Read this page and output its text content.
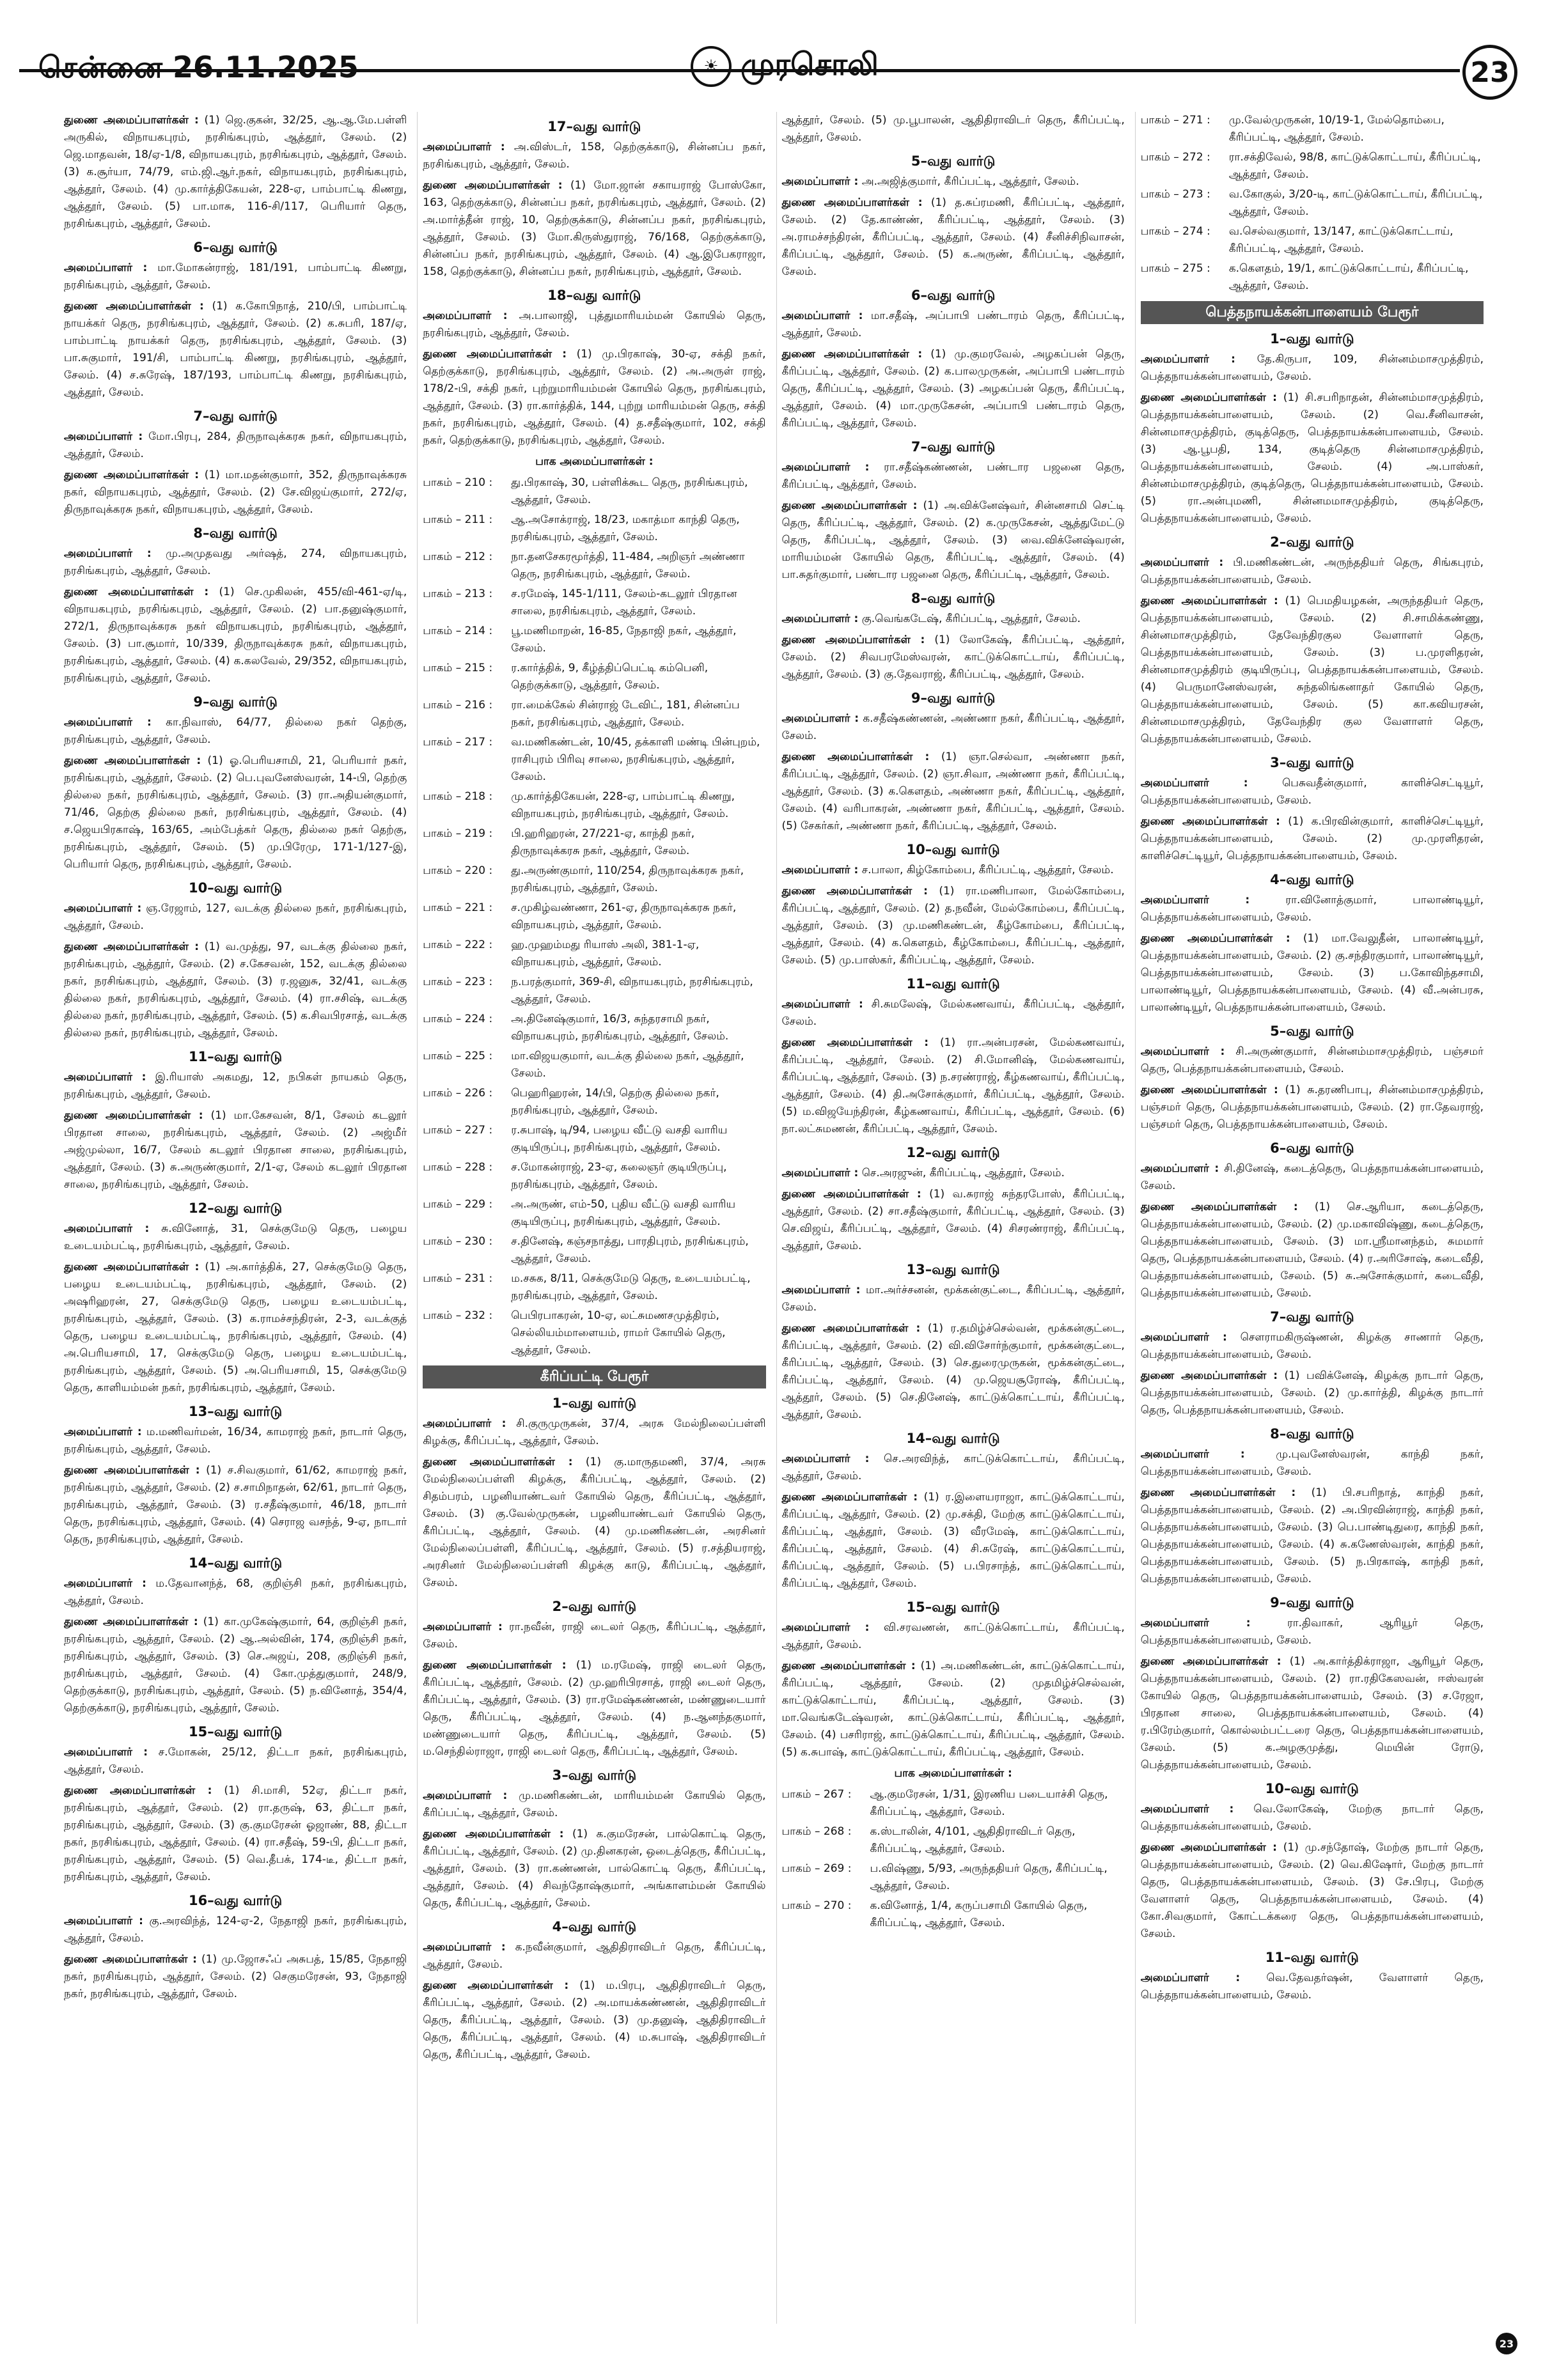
சென்னை 26.11.2025	☀ முரசொலி	23

துணை அமைப்பாளர்கள் : (1) ஜெ.குகன், 32/25, ஆ.ஆ.மே.பள்ளி அருகில், விநாயகபுரம், நரசிங்கபுரம், ஆத்தூர், சேலம். (2) ஜெ.மாதவன், 18/ஏ-1/8, விநாயகபுரம், நரசிங்கபுரம், ஆத்தூர், சேலம். (3) க.சூர்யா, 74/79, எம்.ஜி.ஆர்.நகர், விநாயகபுரம், நரசிங்கபுரம், ஆத்தூர், சேலம். (4) மு.கார்த்திகேயன், 228-ஏ, பாம்பாட்டி கிணறு, ஆத்தூர், சேலம். (5) பா.மாசு, 116-சி/117, பெரியார் தெரு, நரசிங்கபுரம், ஆத்தூர், சேலம்.

6–வது வார்டு

அமைப்பாளர் : மா.மோகன்ராஜ், 181/191, பாம்பாட்டி கிணறு, நரசிங்கபுரம், ஆத்தூர், சேலம்.

துணை அமைப்பாளர்கள் : (1) க.கோபிநாத், 210/பி, பாம்பாட்டி நாயக்கர் தெரு, நரசிங்கபுரம், ஆத்தூர், சேலம். (2) க.சுபரி, 187/ஏ, பாம்பாட்டி நாயக்கர் தெரு, நரசிங்கபுரம், ஆத்தூர், சேலம். (3) பா.சுகுமார், 191/சி, பாம்பாட்டி கிணறு, நரசிங்கபுரம், ஆத்தூர், சேலம். (4) ச.சுரேஷ், 187/193, பாம்பாட்டி கிணறு, நரசிங்கபுரம், ஆத்தூர், சேலம்.

7–வது வார்டு

அமைப்பாளர் : மோ.பிரபு, 284, திருநாவுக்கரசு நகர், விநாயகபுரம், ஆத்தூர், சேலம்.

துணை அமைப்பாளர்கள் : (1) மா.மதன்குமார், 352, திருநாவுக்கரசு நகர், விநாயகபுரம், ஆத்தூர், சேலம். (2) சே.விஜய்குமார், 272/ஏ, திருநாவுக்கரசு நகர், விநாயகபுரம், ஆத்தூர், சேலம்.

8–வது வார்டு

அமைப்பாளர் : மு.அமுதவது அர்ஷத், 274, விநாயகபுரம், நரசிங்கபுரம், ஆத்தூர், சேலம்.

துணை அமைப்பாளர்கள் : (1) செ.முகிலன், 455/வி-461-ஏ/டி, விநாயகபுரம், நரசிங்கபுரம், ஆத்தூர், சேலம். (2) பா.தனுஷ்குமார், 272/1, திருநாவுக்கரசு நகர் விநாயகபுரம், நரசிங்கபுரம், ஆத்தூர், சேலம். (3) பா.சூமார், 10/339, திருநாவுக்கரசு நகர், விநாயகபுரம், நரசிங்கபுரம், ஆத்தூர், சேலம். (4) க.கலவேல், 29/352, விநாயகபுரம், நரசிங்கபுரம், ஆத்தூர், சேலம்.

9–வது வார்டு

அமைப்பாளர் : கா.நிவாஸ், 64/77, தில்லை நகர் தெற்கு, நரசிங்கபுரம், ஆத்தூர், சேலம்.

துணை அமைப்பாளர்கள் : (1) ஓ.பெரியசாமி, 21, பெரியார் நகர், நரசிங்கபுரம், ஆத்தூர், சேலம். (2) பெ.புவனேஸ்வரன், 14-பி, தெற்கு தில்லை நகர், நரசிங்கபுரம், ஆத்தூர், சேலம். (3) ரா.அதியன்குமார், 71/46, தெற்கு தில்லை நகர், நரசிங்கபுரம், ஆத்தூர், சேலம். (4) ச.ஜெயபிரகாஷ், 163/65, அம்பேத்கர் தெரு, தில்லை நகர் தெற்கு, நரசிங்கபுரம், ஆத்தூர், சேலம். (5) மு.பிரேமு, 171-1/127-இ, பெரியார் தெரு, நரசிங்கபுரம், ஆத்தூர், சேலம்.

10–வது வார்டு

அமைப்பாளர் : ஞ.ரேஜாம், 127, வடக்கு தில்லை நகர், நரசிங்கபுரம், ஆத்தூர், சேலம்.

துணை அமைப்பாளர்கள் : (1) வ.முத்து, 97, வடக்கு தில்லை நகர், நரசிங்கபுரம், ஆத்தூர், சேலம். (2) ச.கேசவன், 152, வடக்கு தில்லை நகர், நரசிங்கபுரம், ஆத்தூர், சேலம். (3) ர.ஜனுசு, 32/41, வடக்கு தில்லை நகர், நரசிங்கபுரம், ஆத்தூர், சேலம். (4) ரா.சசிஷ், வடக்கு தில்லை நகர், நரசிங்கபுரம், ஆத்தூர், சேலம். (5) க.சிவபிரசாத், வடக்கு தில்லை நகர், நரசிங்கபுரம், ஆத்தூர், சேலம்.

11–வது வார்டு

அமைப்பாளர் : இ.ரியாஸ் அகமது, 12, நபிகள் நாயகம் தெரு, நரசிங்கபுரம், ஆத்தூர், சேலம்.

துணை அமைப்பாளர்கள் : (1) மா.கேசவன், 8/1, சேலம் கடலூர் பிரதான சாலை, நரசிங்கபுரம், ஆத்தூர், சேலம். (2) அஜ்மீர் அஜ்முல்லா, 16/7, சேலம் கடலூர் பிரதான சாலை, நரசிங்கபுரம், ஆத்தூர், சேலம். (3) சு.அருண்குமார், 2/1-ஏ, சேலம் கடலூர் பிரதான சாலை, நரசிங்கபுரம், ஆத்தூர், சேலம்.

12–வது வார்டு

அமைப்பாளர் : சு.வினோத், 31, செக்குமேடு தெரு, பழைய உடையம்பட்டி, நரசிங்கபுரம், ஆத்தூர், சேலம்.

துணை அமைப்பாளர்கள் : (1) அ.கார்த்திக், 27, செக்குமேடு தெரு, பழைய உடையம்பட்டி, நரசிங்கபுரம், ஆத்தூர், சேலம். (2) அஷரிஹரன், 27, செக்குமேடு தெரு, பழைய உடையம்பட்டி, நரசிங்கபுரம், ஆத்தூர், சேலம். (3) க.ராமச்சந்திரன், 2-3, வடக்குத் தெரு, பழைய உடையம்பட்டி, நரசிங்கபுரம், ஆத்தூர், சேலம். (4) அ.பெரியசாமி, 17, செக்குமேடு தெரு, பழைய உடையம்பட்டி, நரசிங்கபுரம், ஆத்தூர், சேலம். (5) அ.பெரியசாமி, 15, செக்குமேடு தெரு, காளியம்மன் நகர், நரசிங்கபுரம், ஆத்தூர், சேலம்.

13–வது வார்டு

அமைப்பாளர் : ம.மணிவர்மன், 16/34, காமராஜ் நகர், நாடார் தெரு, நரசிங்கபுரம், ஆத்தூர், சேலம்.

துணை அமைப்பாளர்கள் : (1) ச.சிவகுமார், 61/62, காமராஜ் நகர், நரசிங்கபுரம், ஆத்தூர், சேலம். (2) ச.சாமிநாதன், 62/61, நாடார் தெரு, நரசிங்கபுரம், ஆத்தூர், சேலம். (3) ர.சதீஷ்குமார், 46/18, நாடார் தெரு, நரசிங்கபுரம், ஆத்தூர், சேலம். (4) செராஜ வசந்த், 9-ஏ, நாடார் தெரு, நரசிங்கபுரம், ஆத்தூர், சேலம்.

14–வது வார்டு

அமைப்பாளர் : ம.தேவானந்த், 68, குறிஞ்சி நகர், நரசிங்கபுரம், ஆத்தூர், சேலம்.

துணை அமைப்பாளர்கள் : (1) கா.முகேஷ்குமார், 64, குறிஞ்சி நகர், நரசிங்கபுரம், ஆத்தூர், சேலம். (2) ஆ.அல்வின், 174, குறிஞ்சி நகர், நரசிங்கபுரம், ஆத்தூர், சேலம். (3) செ.அஜய், 208, குறிஞ்சி நகர், நரசிங்கபுரம், ஆத்தூர், சேலம். (4) கோ.முத்துகுமார், 248/9, தெற்குக்காடு, நரசிங்கபுரம், ஆத்தூர், சேலம். (5) ந.வினோத், 354/4, தெற்குக்காடு, நரசிங்கபுரம், ஆத்தூர், சேலம்.

15–வது வார்டு

அமைப்பாளர் : ச.மோகன், 25/12, திட்டா நகர், நரசிங்கபுரம், ஆத்தூர், சேலம்.

துணை அமைப்பாளர்கள் : (1) சி.மாசி, 52ஏ, திட்டா நகர், நரசிங்கபுரம், ஆத்தூர், சேலம். (2) ரா.தருஷ், 63, திட்டா நகர், நரசிங்கபுரம், ஆத்தூர், சேலம். (3) கு.குமரேசன் ஓஜாண், 88, திட்டா நகர், நரசிங்கபுரம், ஆத்தூர், சேலம். (4) ரா.சதீஷ், 59-பி, திட்டா நகர், நரசிங்கபுரம், ஆத்தூர், சேலம். (5) வெ.தீபக், 174-டீ, திட்டா நகர், நரசிங்கபுரம், ஆத்தூர், சேலம்.

16–வது வார்டு

அமைப்பாளர் : கு.அரவிந்த், 124-ஏ-2, நேதாஜி நகர், நரசிங்கபுரம், ஆத்தூர், சேலம்.

துணை அமைப்பாளர்கள் : (1) மு.ஜோசஃப் அசுபத், 15/85, நேதாஜி நகர், நரசிங்கபுரம், ஆத்தூர், சேலம். (2) செகுமரேசன், 93, நேதாஜி நகர், நரசிங்கபுரம், ஆத்தூர், சேலம்.

17–வது வார்டு

அமைப்பாளர் : அ.விஸ்டர், 158, தெற்குக்காடு, சின்னப்ப நகர், நரசிங்கபுரம், ஆத்தூர், சேலம்.

துணை அமைப்பாளர்கள் : (1) மோ.ஜான் சகாயராஜ் போஸ்கோ, 163, தெற்குக்காடு, சின்னப்ப நகர், நரசிங்கபுரம், ஆத்தூர், சேலம். (2) அ.மார்த்தீன் ராஜ், 10, தெற்குக்காடு, சின்னப்ப நகர், நரசிங்கபுரம், ஆத்தூர், சேலம். (3) மோ.கிருஸ்துராஜ், 76/168, தெற்குக்காடு, சின்னப்ப நகர், நரசிங்கபுரம், ஆத்தூர், சேலம். (4) ஆ.இபேகராஜா, 158, தெற்குக்காடு, சின்னப்ப நகர், நரசிங்கபுரம், ஆத்தூர், சேலம்.

18–வது வார்டு

அமைப்பாளர் : அ.பாலாஜி, புத்துமாரியம்மன் கோயில் தெரு, நரசிங்கபுரம், ஆத்தூர், சேலம்.

துணை அமைப்பாளர்கள் : (1) மு.பிரகாஷ், 30-ஏ, சக்தி நகர், தெற்குக்காடு, நரசிங்கபுரம், ஆத்தூர், சேலம். (2) அ.அருள் ராஜ், 178/2-பி, சக்தி நகர், புற்றுமாரியம்மன் கோயில் தெரு, நரசிங்கபுரம், ஆத்தூர், சேலம். (3) ரா.கார்த்திக், 144, புற்று மாரியம்மன் தெரு, சக்தி நகர், நரசிங்கபுரம், ஆத்தூர், சேலம். (4) த.சதீஷ்குமார், 102, சக்தி நகர், தெற்குக்காடு, நரசிங்கபுரம், ஆத்தூர், சேலம்.

பாக அமைப்பாளர்கள் :
பாகம் – 210 :	து.பிரகாஷ், 30, பள்ளிக்கூட தெரு, நரசிங்கபுரம், ஆத்தூர், சேலம்.
பாகம் – 211 :	ஆ.அசோக்ராஜ், 18/23, மகாத்மா காந்தி தெரு, நரசிங்கபுரம், ஆத்தூர், சேலம்.
பாகம் – 212 :	நா.தனசேகரமூர்த்தி, 11-484, அறிஞர் அண்ணா தெரு, நரசிங்கபுரம், ஆத்தூர், சேலம்.
பாகம் – 213 :	ச.ரமேஷ், 145-1/111, சேலம்-கடலூர் பிரதான சாலை, நரசிங்கபுரம், ஆத்தூர், சேலம்.
பாகம் – 214 :	பூ.மணிமாறன், 16-85, நேதாஜி நகர், ஆத்தூர், சேலம்.
பாகம் – 215 :	ர.கார்த்திக், 9, கீழ்த்திப்பெட்டி கம்பெனி, தெற்குக்காடு, ஆத்தூர், சேலம்.
பாகம் – 216 :	ரா.மைக்கேல் சின்ராஜ் டேவிட், 181, சின்னப்ப நகர், நரசிங்கபுரம், ஆத்தூர், சேலம்.
பாகம் – 217 :	வ.மணிகண்டன், 10/45, தக்காளி மண்டி பின்புறம், ராசிபுரம் பிரிவு சாலை, நரசிங்கபுரம், ஆத்தூர், சேலம்.
பாகம் – 218 :	மு.கார்த்திகேயன், 228-ஏ, பாம்பாட்டி கிணறு, விநாயகபுரம், நரசிங்கபுரம், ஆத்தூர், சேலம்.
பாகம் – 219 :	பி.ஹரிஹரன், 27/221-ஏ, காந்தி நகர், திருநாவுக்கரசு நகர், ஆத்தூர், சேலம்.
பாகம் – 220 :	து.அருண்குமார், 110/254, திருநாவுக்கரசு நகர், நரசிங்கபுரம், ஆத்தூர், சேலம்.
பாகம் – 221 :	ச.முகிழ்வண்ணா, 261-ஏ, திருநாவுக்கரசு நகர், விநாயகபுரம், ஆத்தூர், சேலம்.
பாகம் – 222 :	ஹ.முஹம்மது ரியாஸ் அலி, 381-1-ஏ, விநாயகபுரம், ஆத்தூர், சேலம்.
பாகம் – 223 :	ந.பரத்குமார், 369-சி, விநாயகபுரம், நரசிங்கபுரம், ஆத்தூர், சேலம்.
பாகம் – 224 :	அ.தினேஷ்குமார், 16/3, சுந்தரசாமி நகர், விநாயகபுரம், நரசிங்கபுரம், ஆத்தூர், சேலம்.
பாகம் – 225 :	மா.விஜயகுமார், வடக்கு தில்லை நகர், ஆத்தூர், சேலம்.
பாகம் – 226 :	பெஹரிஹரன், 14/பி, தெற்கு தில்லை நகர், நரசிங்கபுரம், ஆத்தூர், சேலம்.
பாகம் – 227 :	ர.சுபாஷ், டி/94, பழைய வீட்டு வசதி வாரிய குடியிருப்பு, நரசிங்கபுரம், ஆத்தூர், சேலம்.
பாகம் – 228 :	ச.மோகன்ராஜ், 23-ஏ, கலைஞர் குடியிருப்பு, நரசிங்கபுரம், ஆத்தூர், சேலம்.
பாகம் – 229 :	அ.அருண், எம்-50, புதிய வீட்டு வசதி வாரிய குடியிருப்பு, நரசிங்கபுரம், ஆத்தூர், சேலம்.
பாகம் – 230 :	ச.தினேஷ், கஞ்சநாத்து, பாரதிபுரம், நரசிங்கபுரம், ஆத்தூர், சேலம்.
பாகம் – 231 :	ம.சசுக, 8/11, செக்குமேடு தெரு, உடையம்பட்டி, நரசிங்கபுரம், ஆத்தூர், சேலம்.
பாகம் – 232 :	பெபிரபாகரன், 10-ஏ, லட்சுமணசமுத்திரம், செல்லியம்மாளையம், ராமர் கோயில் தெரு, ஆத்தூர், சேலம்.
கீரிப்பட்டி பேரூர்
1–வது வார்டு

அமைப்பாளர் : சி.குருமுருகன், 37/4, அரசு மேல்நிலைப்பள்ளி கிழக்கு, கீரிப்பட்டி, ஆத்தூர், சேலம்.

துணை அமைப்பாளர்கள் : (1) கு.மாருதமணி, 37/4, அரசு மேல்நிலைப்பள்ளி கிழக்கு, கீரிப்பட்டி, ஆத்தூர், சேலம். (2) சிதம்பரம், பழனியாண்டவர் கோயில் தெரு, கீரிப்பட்டி, ஆத்தூர், சேலம். (3) கு.வேல்முருகன், பழனியாண்டவர் கோயில் தெரு, கீரிப்பட்டி, ஆத்தூர், சேலம். (4) மு.மணிகண்டன், அரசினர் மேல்நிலைப்பள்ளி, கீரிப்பட்டி, ஆத்தூர், சேலம். (5) ர.சத்தியராஜ், அரசினர் மேல்நிலைப்பள்ளி கிழக்கு காடு, கீரிப்பட்டி, ஆத்தூர், சேலம்.

2–வது வார்டு

அமைப்பாளர் : ரா.நவீன், ராஜி டைலர் தெரு, கீரிப்பட்டி, ஆத்தூர், சேலம்.

துணை அமைப்பாளர்கள் : (1) ம.ரமேஷ், ராஜி டைலர் தெரு, கீரிப்பட்டி, ஆத்தூர், சேலம். (2) மு.ஹரிபிரசாத், ராஜி டைலர் தெரு, கீரிப்பட்டி, ஆத்தூர், சேலம். (3) ரா.ரமேஷ்கண்ணன், மண்ணுடையார் தெரு, கீரிப்பட்டி, ஆத்தூர், சேலம். (4) ந.ஆனந்தகுமார், மண்ணுடையார் தெரு, கீரிப்பட்டி, ஆத்தூர், சேலம். (5) ம.செந்தில்ராஜா, ராஜி டைலர் தெரு, கீரிப்பட்டி, ஆத்தூர், சேலம்.

3–வது வார்டு

அமைப்பாளர் : மு.மணிகண்டன், மாரியம்மன் கோயில் தெரு, கீரிப்பட்டி, ஆத்தூர், சேலம்.

துணை அமைப்பாளர்கள் : (1) க.குமரேசன், பால்கொட்டி தெரு, கீரிப்பட்டி, ஆத்தூர், சேலம். (2) மு.தினகரன், ஒடைத்தெரு, கீரிப்பட்டி, ஆத்தூர், சேலம். (3) ரா.கண்ணன், பால்கொட்டி தெரு, கீரிப்பட்டி, ஆத்தூர், சேலம். (4) சிவந்தோஷ்குமார், அங்காளம்மன் கோயில் தெரு, கீரிப்பட்டி, ஆத்தூர், சேலம்.

4–வது வார்டு

அமைப்பாளர் : க.நவீன்குமார், ஆதிதிராவிடர் தெரு, கீரிப்பட்டி, ஆத்தூர், சேலம்.

துணை அமைப்பாளர்கள் : (1) ம.பிரபு, ஆதிதிராவிடர் தெரு, கீரிப்பட்டி, ஆத்தூர், சேலம். (2) அ.மாயக்கண்ணன், ஆதிதிராவிடர் தெரு, கீரிப்பட்டி, ஆத்தூர், சேலம். (3) மு.தனுஷ், ஆதிதிராவிடர் தெரு, கீரிப்பட்டி, ஆத்தூர், சேலம். (4) ம.சுபாஷ், ஆதிதிராவிடர் தெரு, கீரிப்பட்டி, ஆத்தூர், சேலம்.

ஆத்தூர், சேலம். (5) மு.பூபாலன், ஆதிதிராவிடர் தெரு, கீரிப்பட்டி, ஆத்தூர், சேலம்.

5–வது வார்டு

அமைப்பாளர் : அ.அஜித்குமார், கீரிப்பட்டி, ஆத்தூர், சேலம்.

துணை அமைப்பாளர்கள் : (1) த.சுப்ரமணி, கீரிப்பட்டி, ஆத்தூர், சேலம். (2) தே.காண்ண், கீரிப்பட்டி, ஆத்தூர், சேலம். (3) அ.ராமச்சந்திரன், கீரிப்பட்டி, ஆத்தூர், சேலம். (4) சீனிச்சிநிவாசன், கீரிப்பட்டி, ஆத்தூர், சேலம். (5) க.அருண், கீரிப்பட்டி, ஆத்தூர், சேலம்.

6–வது வார்டு

அமைப்பாளர் : மா.சதீஷ், அப்பாபி பண்டாரம் தெரு, கீரிப்பட்டி, ஆத்தூர், சேலம்.

துணை அமைப்பாளர்கள் : (1) மு.குமரவேல், அழகப்பன் தெரு, கீரிப்பட்டி, ஆத்தூர், சேலம். (2) க.பாலமுருகன், அப்பாபி பண்டாரம் தெரு, கீரிப்பட்டி, ஆத்தூர், சேலம். (3) அழகப்பன் தெரு, கீரிப்பட்டி, ஆத்தூர், சேலம். (4) மா.முருகேசன், அப்பாபி பண்டாரம் தெரு, கீரிப்பட்டி, ஆத்தூர், சேலம்.

7–வது வார்டு

அமைப்பாளர் : ரா.சதீஷ்கண்ணன், பண்டார பஜனை தெரு, கீரிப்பட்டி, ஆத்தூர், சேலம்.

துணை அமைப்பாளர்கள் : (1) அ.விக்னேஷ்வர், சின்னசாமி செட்டி தெரு, கீரிப்பட்டி, ஆத்தூர், சேலம். (2) க.முருகேசன், ஆத்துமேட்டு தெரு, கீரிப்பட்டி, ஆத்தூர், சேலம். (3) வை.விக்னேஷ்வரன், மாரியம்மன் கோயில் தெரு, கீரிப்பட்டி, ஆத்தூர், சேலம். (4) பா.சுதர்குமார், பண்டார பஜனை தெரு, கீரிப்பட்டி, ஆத்தூர், சேலம்.

8–வது வார்டு

அமைப்பாளர் : கு.வெங்கடேஷ், கீரிப்பட்டி, ஆத்தூர், சேலம்.

துணை அமைப்பாளர்கள் : (1) லோகேஷ், கீரிப்பட்டி, ஆத்தூர், சேலம். (2) சிவபரமேஸ்வரன், காட்டுக்கொட்டாய், கீரிப்பட்டி, ஆத்தூர், சேலம். (3) கு.தேவராஜ், கீரிப்பட்டி, ஆத்தூர், சேலம்.

9–வது வார்டு

அமைப்பாளர் : க.சதீஷ்கண்ணன், அண்ணா நகர், கீரிப்பட்டி, ஆத்தூர், சேலம்.

துணை அமைப்பாளர்கள் : (1) ஞா.செல்வா, அண்ணா நகர், கீரிப்பட்டி, ஆத்தூர், சேலம். (2) ஞா.சிவா, அண்ணா நகர், கீரிப்பட்டி, ஆத்தூர், சேலம். (3) க.கௌதம், அண்ணா நகர், கீரிப்பட்டி, ஆத்தூர், சேலம். (4) வரிபாகரன், அண்ணா நகர், கீரிப்பட்டி, ஆத்தூர், சேலம். (5) சேகர்கர், அண்ணா நகர், கீரிப்பட்டி, ஆத்தூர், சேலம்.

10–வது வார்டு

அமைப்பாளர் : ச.பாலா, கிழ்கோம்பை, கீரிப்பட்டி, ஆத்தூர், சேலம்.

துணை அமைப்பாளர்கள் : (1) ரா.மணிபாலா, மேல்கோம்பை, கீரிப்பட்டி, ஆத்தூர், சேலம். (2) த.நவீன், மேல்கோம்பை, கீரிப்பட்டி, ஆத்தூர், சேலம். (3) மு.மணிகண்டன், கீழ்கோம்பை, கீரிப்பட்டி, ஆத்தூர், சேலம். (4) க.கௌதம், கீழ்கோம்பை, கீரிப்பட்டி, ஆத்தூர், சேலம். (5) மு.பாஸ்கர், கீரிப்பட்டி, ஆத்தூர், சேலம்.

11–வது வார்டு

அமைப்பாளர் : சி.சுமலேஷ், மேல்கணவாய், கீரிப்பட்டி, ஆத்தூர், சேலம்.

துணை அமைப்பாளர்கள் : (1) ரா.அன்பரசன், மேல்கணவாய், கீரிப்பட்டி, ஆத்தூர், சேலம். (2) சி.மோனிஷ், மேல்கணவாய், கீரிப்பட்டி, ஆத்தூர், சேலம். (3) ந.சரண்ராஜ், கீழ்கணவாய், கீரிப்பட்டி, ஆத்தூர், சேலம். (4) தி.அசோக்குமார், கீரிப்பட்டி, ஆத்தூர், சேலம். (5) ம.விஜயேந்திரன், கீழ்கணவாய், கீரிப்பட்டி, ஆத்தூர், சேலம். (6) நா.லட்சுமணன், கீரிப்பட்டி, ஆத்தூர், சேலம்.

12–வது வார்டு

அமைப்பாளர் : செ.அரஜுன், கீரிப்பட்டி, ஆத்தூர், சேலம்.

துணை அமைப்பாளர்கள் : (1) வ.சுராஜ் சுந்தரபோஸ், கீரிப்பட்டி, ஆத்தூர், சேலம். (2) சா.சதீஷ்குமார், கீரிப்பட்டி, ஆத்தூர், சேலம். (3) செ.விஜய், கீரிப்பட்டி, ஆத்தூர், சேலம். (4) சிசரண்ராஜ், கீரிப்பட்டி, ஆத்தூர், சேலம்.

13–வது வார்டு

அமைப்பாளர் : மா.அர்ச்சனன், மூக்கன்குட்டை, கீரிப்பட்டி, ஆத்தூர், சேலம்.

துணை அமைப்பாளர்கள் : (1) ர.தமிழ்ச்செல்வன், மூக்கன்குட்டை, கீரிப்பட்டி, ஆத்தூர், சேலம். (2) வி.விசோர்ந்குமார், மூக்கன்குட்டை, கீரிப்பட்டி, ஆத்தூர், சேலம். (3) செ.துரைமுருகன், மூக்கன்குட்டை, கீரிப்பட்டி, ஆத்தூர், சேலம். (4) மு.ஜெயசூரோஷ், கீரிப்பட்டி, ஆத்தூர், சேலம். (5) செ.தினேஷ், காட்டுக்கொட்டாய், கீரிப்பட்டி, ஆத்தூர், சேலம்.

14–வது வார்டு

அமைப்பாளர் : செ.அரவிந்த், காட்டுக்கொட்டாய், கீரிப்பட்டி, ஆத்தூர், சேலம்.

துணை அமைப்பாளர்கள் : (1) ர.இளையராஜா, காட்டுக்கொட்டாய், கீரிப்பட்டி, ஆத்தூர், சேலம். (2) மு.சக்தி, மேற்கு காட்டுக்கொட்டாய், கீரிப்பட்டி, ஆத்தூர், சேலம். (3) வீரமேஷ், காட்டுக்கொட்டாய், கீரிப்பட்டி, ஆத்தூர், சேலம். (4) சி.சுரேஷ், காட்டுக்கொட்டாய், கீரிப்பட்டி, ஆத்தூர், சேலம். (5) ப.பிரசாந்த், காட்டுக்கொட்டாய், கீரிப்பட்டி, ஆத்தூர், சேலம்.

15–வது வார்டு

அமைப்பாளர் : வி.சரவணன், காட்டுக்கொட்டாய், கீரிப்பட்டி, ஆத்தூர், சேலம்.

துணை அமைப்பாளர்கள் : (1) அ.மணிகண்டன், காட்டுக்கொட்டாய், கீரிப்பட்டி, ஆத்தூர், சேலம். (2) முதமிழ்ச்செல்வன், காட்டுக்கொட்டாய், கீரிப்பட்டி, ஆத்தூர், சேலம். (3) மா.வெங்கடேஷ்வரன், காட்டுக்கொட்டாய், கீரிப்பட்டி, ஆத்தூர், சேலம். (4) பசரிராஜ், காட்டுக்கொட்டாய், கீரிப்பட்டி, ஆத்தூர், சேலம். (5) க.சுபாஷ், காட்டுக்கொட்டாய், கீரிப்பட்டி, ஆத்தூர், சேலம்.

பாக அமைப்பாளர்கள் :
பாகம் – 267 :	ஆ.குமரேசன், 1/31, இரணிய படையாச்சி தெரு, கீரிப்பட்டி, ஆத்தூர், சேலம்.
பாகம் – 268 :	க.ஸ்டாலின், 4/101, ஆதிதிராவிடர் தெரு, கீரிப்பட்டி, ஆத்தூர், சேலம்.
பாகம் – 269 :	ப.விஷ்ணு, 5/93, அருந்ததியர் தெரு, கீரிப்பட்டி, ஆத்தூர், சேலம்.
பாகம் – 270 :	க.வினோத், 1/4, கருப்பசாமி கோயில் தெரு, கீரிப்பட்டி, ஆத்தூர், சேலம்.
பாகம் – 271 :	மு.வேல்முருகன், 10/19-1, மேல்தொம்பை, கீரிப்பட்டி, ஆத்தூர், சேலம்.
பாகம் – 272 :	ரா.சக்திவேல், 98/8, காட்டுக்கொட்டாய், கீரிப்பட்டி, ஆத்தூர், சேலம்.
பாகம் – 273 :	வ.கோகுல், 3/20-டி, காட்டுக்கொட்டாய், கீரிப்பட்டி, ஆத்தூர், சேலம்.
பாகம் – 274 :	வ.செல்வகுமார், 13/147, காட்டுக்கொட்டாய், கீரிப்பட்டி, ஆத்தூர், சேலம்.
பாகம் – 275 :	க.கௌதம், 19/1, காட்டுக்கொட்டாய், கீரிப்பட்டி, ஆத்தூர், சேலம்.
பெத்தநாயக்கன்பாளையம் பேரூர்
1–வது வார்டு

அமைப்பாளர் : தே.கிருபா, 109, சின்னம்மாசமுத்திரம், பெத்தநாயக்கன்பாளையம், சேலம்.

துணை அமைப்பாளர்கள் : (1) சி.சபரிநாதன், சின்னம்மாசமுத்திரம், பெத்தநாயக்கன்பாளையம், சேலம். (2) வெ.சீனிவாசன், சின்னமாசமுத்திரம், குடித்தெரு, பெத்தநாயக்கன்பாளையம், சேலம். (3) ஆ.பூபதி, 134, குடித்தெரு சின்னமாசமுத்திரம், பெத்தநாயக்கன்பாளையம், சேலம். (4) அ.பாஸ்கர், சின்னம்மாசமுத்திரம், குடித்தெரு, பெத்தநாயக்கன்பாளையம், சேலம். (5) ரா.அன்புமணி, சின்னமமாசமுத்திரம், குடித்தெரு, பெத்தநாயக்கன்பாளையம், சேலம்.

2–வது வார்டு

அமைப்பாளர் : பி.மணிகண்டன், அருந்ததியர் தெரு, சிங்கபுரம், பெத்தநாயக்கன்பாளையம், சேலம்.

துணை அமைப்பாளர்கள் : (1) பெமதியழகன், அருந்ததியர் தெரு, பெத்தநாயக்கன்பாளையம், சேலம். (2) சி.சாமிக்கண்ணு, சின்னமாசமுத்திரம், தேவேந்திரகுல வேளாளர் தெரு, பெத்தநாயக்கன்பாளையம், சேலம். (3) ப.முரளிதரன், சின்னமாசமுத்திரம் குடியிருப்பு, பெத்தநாயக்கன்பாளையம், சேலம். (4) பெருமானேஸ்வரன், சுந்தலிங்கனாதர் கோயில் தெரு, பெத்தநாயக்கன்பாளையம், சேலம். (5) கா.கவியரசன், சின்னமமாசமுத்திரம், தேவேந்திர குல வேளாளர் தெரு, பெத்தநாயக்கன்பாளையம், சேலம்.

3–வது வார்டு

அமைப்பாளர் :	பெசுவதீன்குமார், காளிச்செட்டியூர், பெத்தநாயக்கன்பாளையம், சேலம்.

துணை அமைப்பாளர்கள் : (1) க.பிரவின்குமார், காளிச்செட்டியூர், பெத்தநாயக்கன்பாளையம், சேலம். (2) மு.முரளிதரன், காளிச்செட்டியூர், பெத்தநாயக்கன்பாளையம், சேலம்.

4–வது வார்டு

அமைப்பாளர் :	ரா.வினோத்குமார், பாலாண்டியூர், பெத்தநாயக்கன்பாளையம், சேலம்.

துணை அமைப்பாளர்கள் : (1) மா.வேலுதீன், பாலாண்டியூர், பெத்தநாயக்கன்பாளையம், சேலம். (2) கு.சந்திரகுமார், பாலாண்டியூர், பெத்தநாயக்கன்பாளையம், சேலம். (3) ப.கோவிந்தசாமி, பாலாண்டியூர், பெத்தநாயக்கன்பாளையம், சேலம். (4) வீ.அன்பரசு, பாலாண்டியூர், பெத்தநாயக்கன்பாளையம், சேலம்.

5–வது வார்டு

அமைப்பாளர் : சி.அருண்குமார், சின்னம்மாசமுத்திரம், பஞ்சமர் தெரு, பெத்தநாயக்கன்பாளையம், சேலம்.

துணை அமைப்பாளர்கள் : (1) சு.தரணிபாபு, சின்னம்மாசமுத்திரம், பஞ்சமர் தெரு, பெத்தநாயக்கன்பாளையம், சேலம். (2) ரா.தேவராஜ், பஞ்சமர் தெரு, பெத்தநாயக்கன்பாளையம், சேலம்.

6–வது வார்டு

அமைப்பாளர் : சி.தினேஷ், கடைத்தெரு, பெத்தநாயக்கன்பாளையம், சேலம்.

துணை அமைப்பாளர்கள் : (1) செ.ஆரியா, கடைத்தெரு, பெத்தநாயக்கன்பாளையம், சேலம். (2) மு.மகாவிஷ்ணு, கடைத்தெரு, பெத்தநாயக்கன்பாளையம், சேலம். (3) மா.ஸ்ரீமானந்தம், சுமமார் தெரு, பெத்தநாயக்கன்பாளையம், சேலம். (4) ர.அரிசோஷ், கடைவீதி, பெத்தநாயக்கன்பாளையம், சேலம். (5) சு.அசோக்குமார், கடைவீதி, பெத்தநாயக்கன்பாளையம், சேலம்.

7–வது வார்டு

அமைப்பாளர் : சௌராமகிருஷ்ணன், கிழக்கு சாணார் தெரு, பெத்தநாயக்கன்பாளையம், சேலம்.

துணை அமைப்பாளர்கள் : (1) பவிக்னேஷ், கிழக்கு நாடார் தெரு, பெத்தநாயக்கன்பாளையம், சேலம். (2) மு.கார்த்தி, கிழக்கு நாடார் தெரு, பெத்தநாயக்கன்பாளையம், சேலம்.

8–வது வார்டு

அமைப்பாளர் :	மு.புவனேஸ்வரன், காந்தி நகர், பெத்தநாயக்கன்பாளையம், சேலம்.

துணை அமைப்பாளர்கள் : (1) பி.சபரிநாத், காந்தி நகர், பெத்தநாயக்கன்பாளையம், சேலம். (2) அ.பிரவின்ராஜ், காந்தி நகர், பெத்தநாயக்கன்பாளையம், சேலம். (3) பெ.பாண்டிதுரை, காந்தி நகர், பெத்தநாயக்கன்பாளையம், சேலம். (4) சு.கணேஸ்வரன், காந்தி நகர், பெத்தநாயக்கன்பாளையம், சேலம். (5) ந.பிரகாஷ், காந்தி நகர், பெத்தநாயக்கன்பாளையம், சேலம்.

9–வது வார்டு

அமைப்பாளர் :	ரா.திவாகர், ஆரியூர் தெரு, பெத்தநாயக்கன்பாளையம், சேலம்.

துணை அமைப்பாளர்கள் : (1) அ.கார்த்திக்ராஜா, ஆரியூர் தெரு, பெத்தநாயக்கன்பாளையம், சேலம். (2) ரா.ரதிகேஸவன், ஈஸ்வரன் கோயில் தெரு, பெத்தநாயக்கன்பாளையம், சேலம். (3) ச.ரேஜா, பிரதான சாலை, பெத்தநாயக்கன்பாளையம், சேலம். (4) ர.பிரேம்குமார், கொல்லம்பட்டரை தெரு, பெத்தநாயக்கன்பாளையம், சேலம். (5) க.அழகுமுத்து, மெயின் ரோடு, பெத்தநாயக்கன்பாளையம், சேலம்.

10–வது வார்டு

அமைப்பாளர் : வெ.லோகேஷ், மேற்கு நாடார் தெரு, பெத்தநாயக்கன்பாளையம், சேலம்.

துணை அமைப்பாளர்கள் : (1) மு.சந்தோஷ், மேற்கு நாடார் தெரு, பெத்தநாயக்கன்பாளையம், சேலம். (2) வெ.கிஷோர், மேற்கு நாடார் தெரு, பெத்தநாயக்கன்பாளையம், சேலம். (3) சே.பிரபு, மேற்கு வேளாளர் தெரு, பெத்தநாயக்கன்பாளையம், சேலம். (4) கோ.சிவகுமார், கோட்டக்கரை தெரு, பெத்தநாயக்கன்பாளையம், சேலம்.

11–வது வார்டு

அமைப்பாளர் : வெ.தேவதர்ஷன், வேளாளர் தெரு, பெத்தநாயக்கன்பாளையம், சேலம்.

23
